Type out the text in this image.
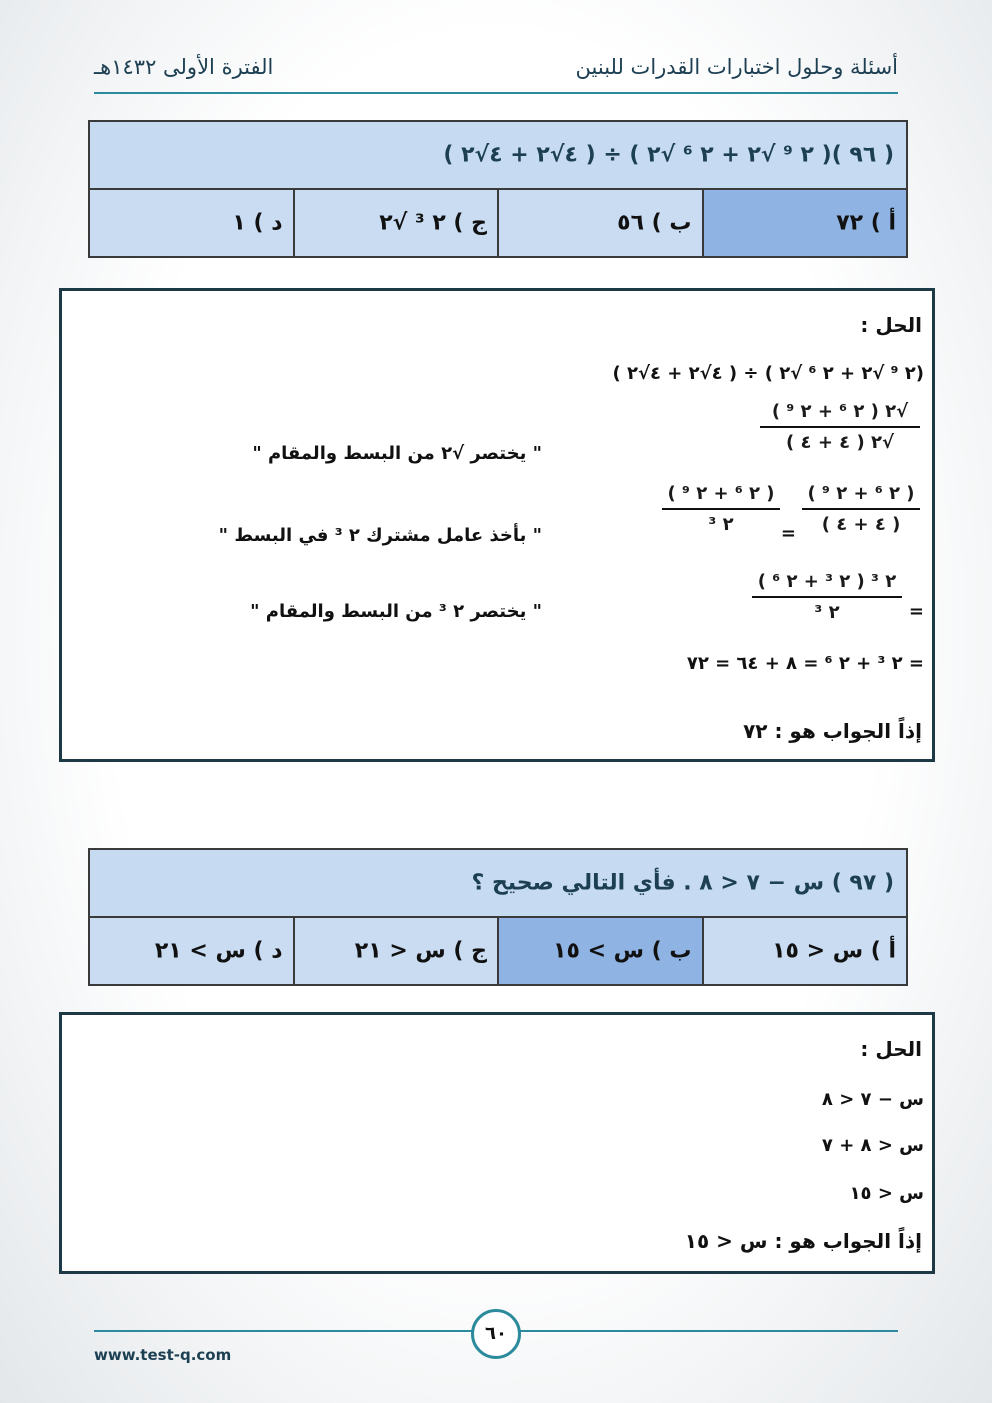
أسئلة وحلول اختبارات القدرات للبنين
الفترة الأولى ١٤٣٢هـ
( ٩٦ )( ٢ ⁹ √٢ + ٢ ⁶ √٢ ) ÷ ( ٤√٢ + ٤√٢ )
أ ) ٧٢
ب ) ٥٦
ج ) ٢ ³ √٢
د ) ١
الحل :
(٢ ⁹ √٢ + ٢ ⁶ √٢ ) ÷ ( ٤√٢ + ٤√٢ )
√٢ ( ٢ ⁶ + ٢ ⁹ )
√٢ ( ٤ + ٤ )
" يختصر √٢ من البسط والمقام "
( ٢ ⁶ + ٢ ⁹ )
( ٤ + ٤ )
=
( ٢ ⁶ + ٢ ⁹ )
٢ ³
" بأخذ عامل مشترك ٢ ³ في البسط "
=
٢ ³ ( ٢ ³ + ٢ ⁶ )
٢ ³
" يختصر ٢ ³ من البسط والمقام "
= ٢ ³ + ٢ ⁶ = ٨ + ٦٤ = ٧٢
إذاً الجواب هو : ٧٢
( ٩٧ ) س − ٧ < ٨ . فأي التالي صحيح ؟
أ ) س < ١٥
ب ) س > ١٥
ج ) س < ٢١
د ) س > ٢١
الحل :
س − ٧ < ٨
س < ٨ + ٧
س < ١٥
إذاً الجواب هو : س < ١٥
٦٠
www.test-q.com
